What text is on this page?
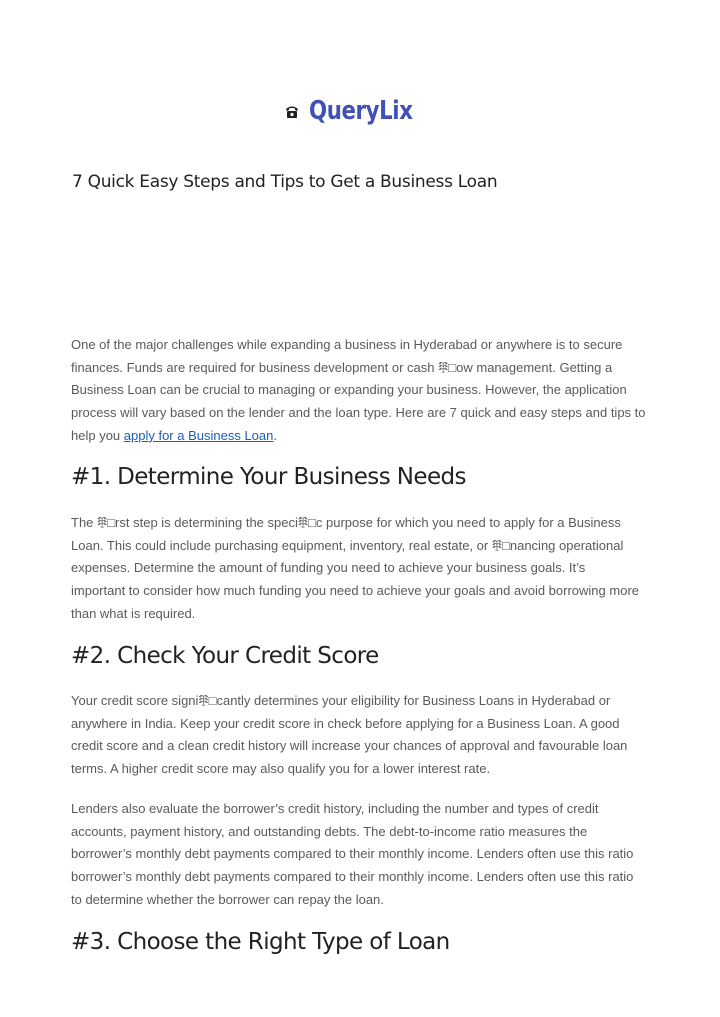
QueryLix
7 Quick Easy Steps and Tips to Get a Business Loan
One of the major challenges while expanding a business in Hyderabad or anywhere is to secure
finances. Funds are required for business development or cash 𖠻□ow management. Getting a
Business Loan can be crucial to managing or expanding your business. However, the application
process will vary based on the lender and the loan type. Here are 7 quick and easy steps and tips to
help you apply for a Business Loan.
#1. Determine Your Business Needs
The 𖠻□rst step is determining the speci𖠻□c purpose for which you need to apply for a Business
Loan. This could include purchasing equipment, inventory, real estate, or 𖠻□nancing operational
expenses. Determine the amount of funding you need to achieve your business goals. It’s
important to consider how much funding you need to achieve your goals and avoid borrowing more
than what is required.
#2. Check Your Credit Score
Your credit score signi𖠻□cantly determines your eligibility for Business Loans in Hyderabad or
anywhere in India. Keep your credit score in check before applying for a Business Loan. A good
credit score and a clean credit history will increase your chances of approval and favourable loan
terms. A higher credit score may also qualify you for a lower interest rate.
Lenders also evaluate the borrower’s credit history, including the number and types of credit
accounts, payment history, and outstanding debts. The debt-to-income ratio measures the
borrower’s monthly debt payments compared to their monthly income. Lenders often use this ratio
borrower’s monthly debt payments compared to their monthly income. Lenders often use this ratio
to determine whether the borrower can repay the loan.
#3. Choose the Right Type of Loan
